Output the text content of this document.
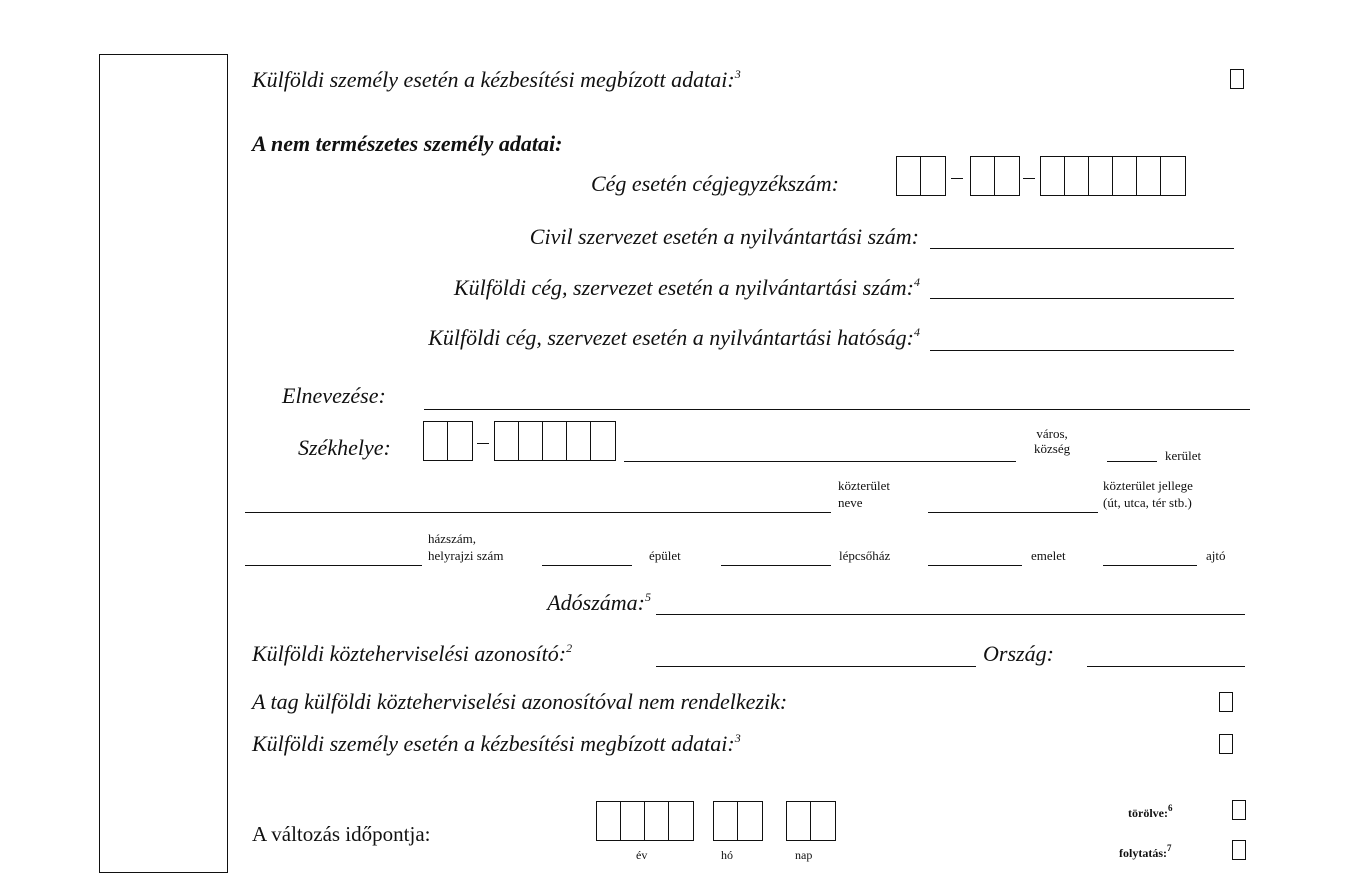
Külföldi személy esetén a kézbesítési megbízott adatai:$^3$
A nem természetes személy adatai:
Cég esetén cégjegyzékszám:
Civil szervezet esetén a nyilvántartási szám:
Külföldi cég, szervezet esetén a nyilvántartási szám:$^4$
Külföldi cég, szervezet esetén a nyilvántartási hatóság:$^4$
Elnevezése:
Székhelye:
város,
község	kerület
közterület
neve
közterület jellege
(út, utca, tér stb.)
házszám,
helyrajzi szám	épület	lépcsőház	emelet	ajtó
Adószáma:$^5$
Külföldi közteherviselési azonosító:$^2$	Ország:
A tag külföldi közteherviselési azonosítóval nem rendelkezik:
Külföldi személy esetén a kézbesítési megbízott adatai:$^3$
A változás időpontja:
év	hó	nap
törölve:$^6$
folytatás:$^7$
